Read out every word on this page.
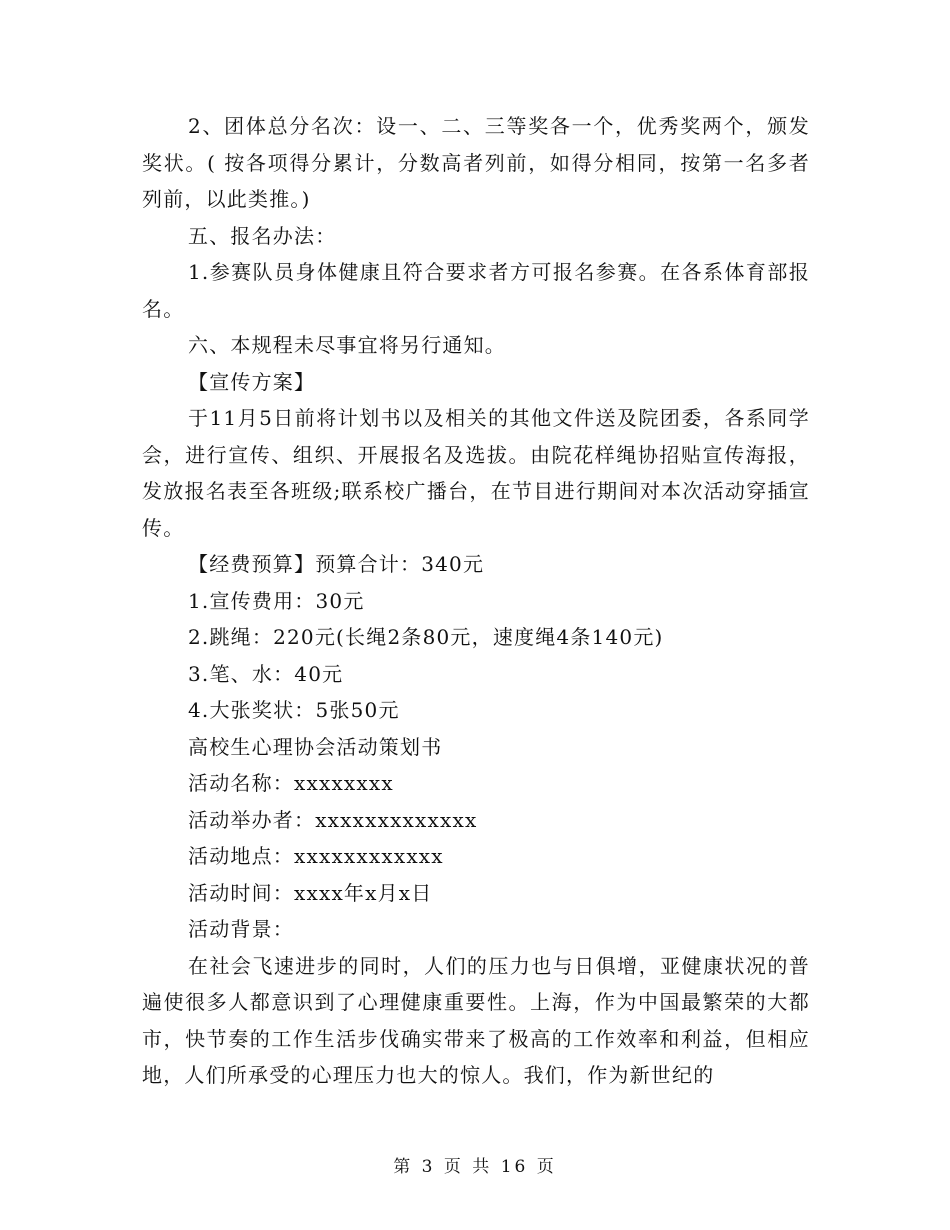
2、团体总分名次：设一、二、三等奖各一个，优秀奖两个，颁发奖状。( 按各项得分累计，分数高者列前，如得分相同，按第一名多者列前，以此类推。)

五、报名办法：

1.参赛队员身体健康且符合要求者方可报名参赛。在各系体育部报名。

六、本规程未尽事宜将另行通知。

【宣传方案】

于11月5日前将计划书以及相关的其他文件送及院团委，各系同学会，进行宣传、组织、开展报名及选拔。由院花样绳协招贴宣传海报，发放报名表至各班级;联系校广播台，在节目进行期间对本次活动穿插宣传。

【经费预算】预算合计：340元

1.宣传费用：30元

2.跳绳：220元(长绳2条80元，速度绳4条140元)

3.笔、水：40元

4.大张奖状：5张50元

高校生心理协会活动策划书

活动名称：xxxxxxxx

活动举办者：xxxxxxxxxxxxx

活动地点：xxxxxxxxxxxx

活动时间：xxxx年x月x日

活动背景：

在社会飞速进步的同时，人们的压力也与日俱增，亚健康状况的普遍使很多人都意识到了心理健康重要性。上海，作为中国最繁荣的大都市，快节奏的工作生活步伐确实带来了极高的工作效率和利益，但相应地，人们所承受的心理压力也大的惊人。我们，作为新世纪的

第 3 页 共 16 页
